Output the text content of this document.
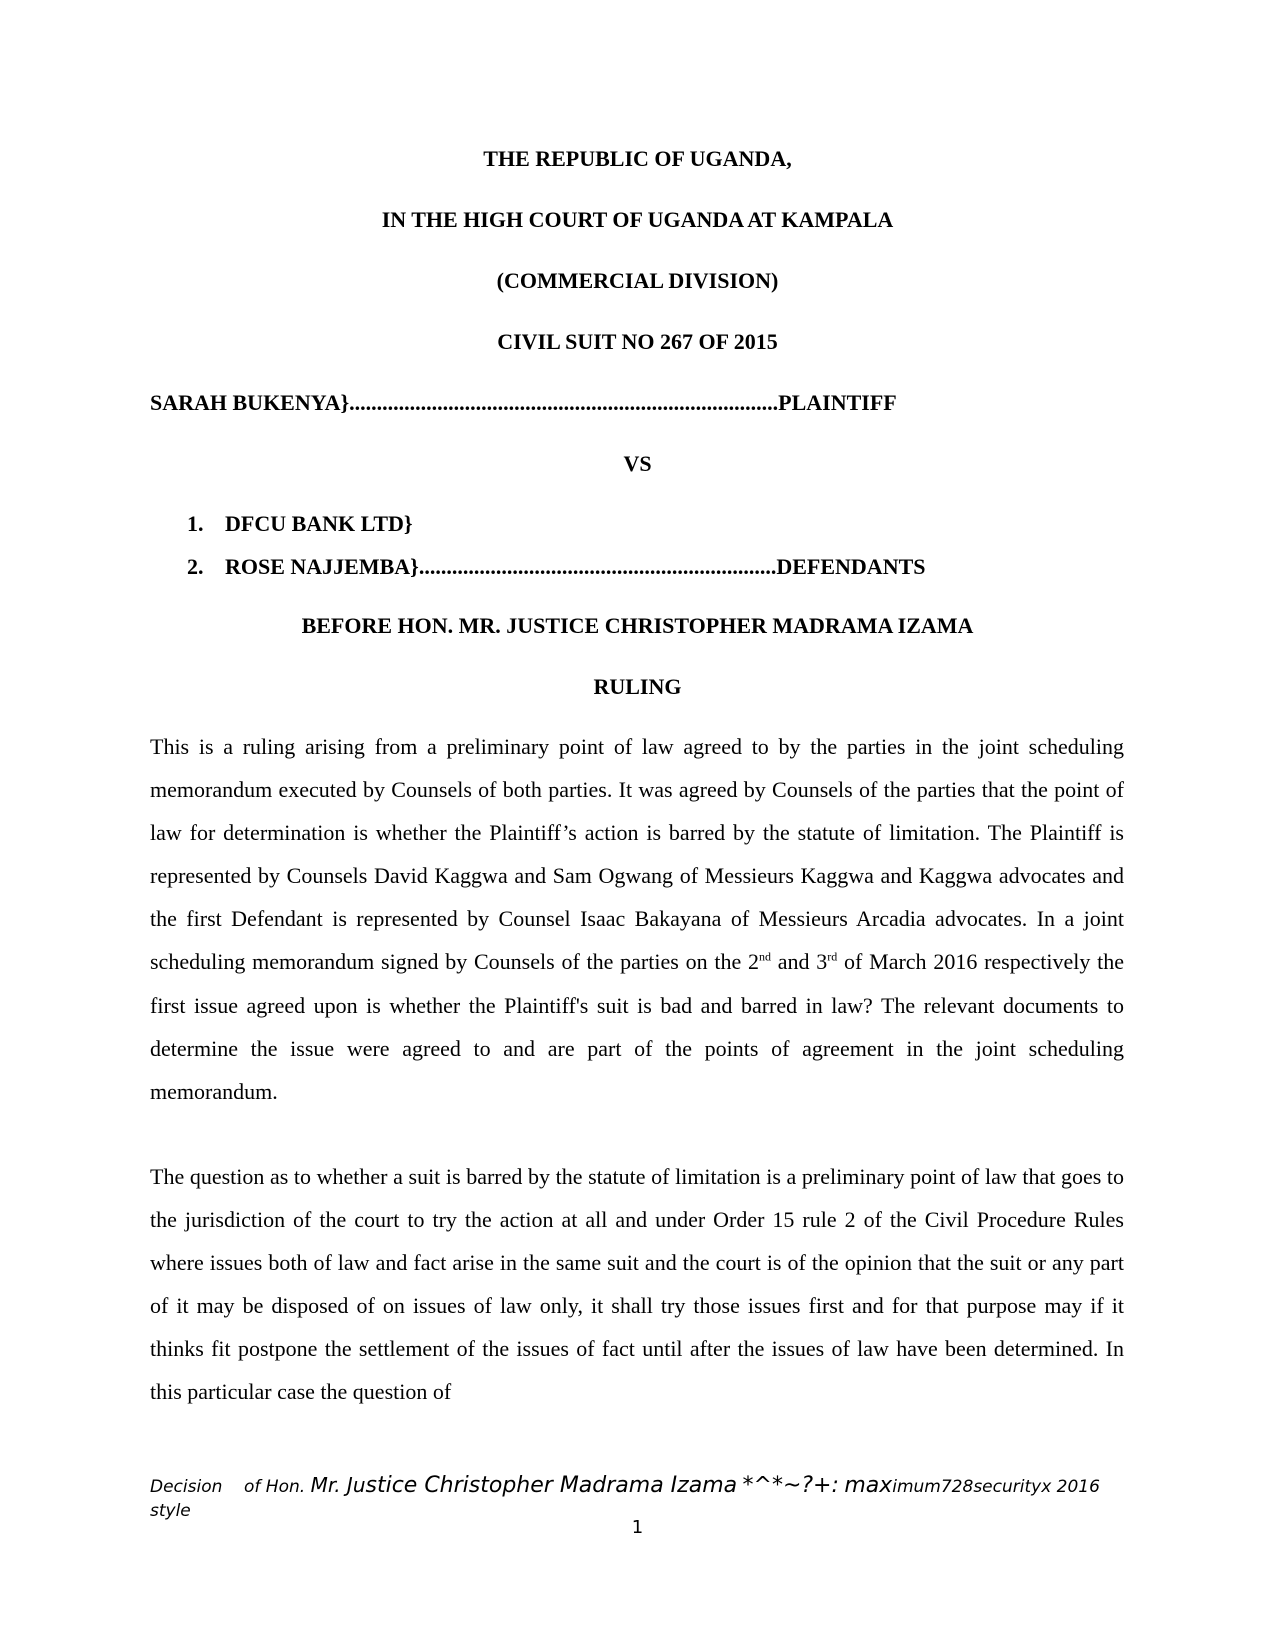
THE REPUBLIC OF UGANDA,
IN THE HIGH COURT OF UGANDA AT KAMPALA
(COMMERCIAL DIVISION)
CIVIL SUIT NO 267 OF 2015
SARAH BUKENYA}..............................................................................PLAINTIFF
VS
1. DFCU BANK LTD}
2. ROSE NAJJEMBA}.................................................................DEFENDANTS
BEFORE HON. MR. JUSTICE CHRISTOPHER MADRAMA IZAMA
RULING

This is a ruling arising from a preliminary point of law agreed to by the parties in the joint scheduling memorandum executed by Counsels of both parties. It was agreed by Counsels of the parties that the point of law for determination is whether the Plaintiff’s action is barred by the statute of limitation. The Plaintiff is represented by Counsels David Kaggwa and Sam Ogwang of Messieurs Kaggwa and Kaggwa advocates and the first Defendant is represented by Counsel Isaac Bakayana of Messieurs Arcadia advocates. In a joint scheduling memorandum signed by Counsels of the parties on the 2nd and 3rd of March 2016 respectively the first issue agreed upon is whether the Plaintiff's suit is bad and barred in law? The relevant documents to determine the issue were agreed to and are part of the points of agreement in the joint scheduling memorandum.

The question as to whether a suit is barred by the statute of limitation is a preliminary point of law that goes to the jurisdiction of the court to try the action at all and under Order 15 rule 2 of the Civil Procedure Rules where issues both of law and fact arise in the same suit and the court is of the opinion that the suit or any part of it may be disposed of on issues of law only, it shall try those issues first and for that purpose may if it thinks fit postpone the settlement of the issues of fact until after the issues of law have been determined. In this particular case the question of

Decision of Hon. Mr. Justice Christopher Madrama Izama *^*~?+: maximum728securityx 2016 style
1
